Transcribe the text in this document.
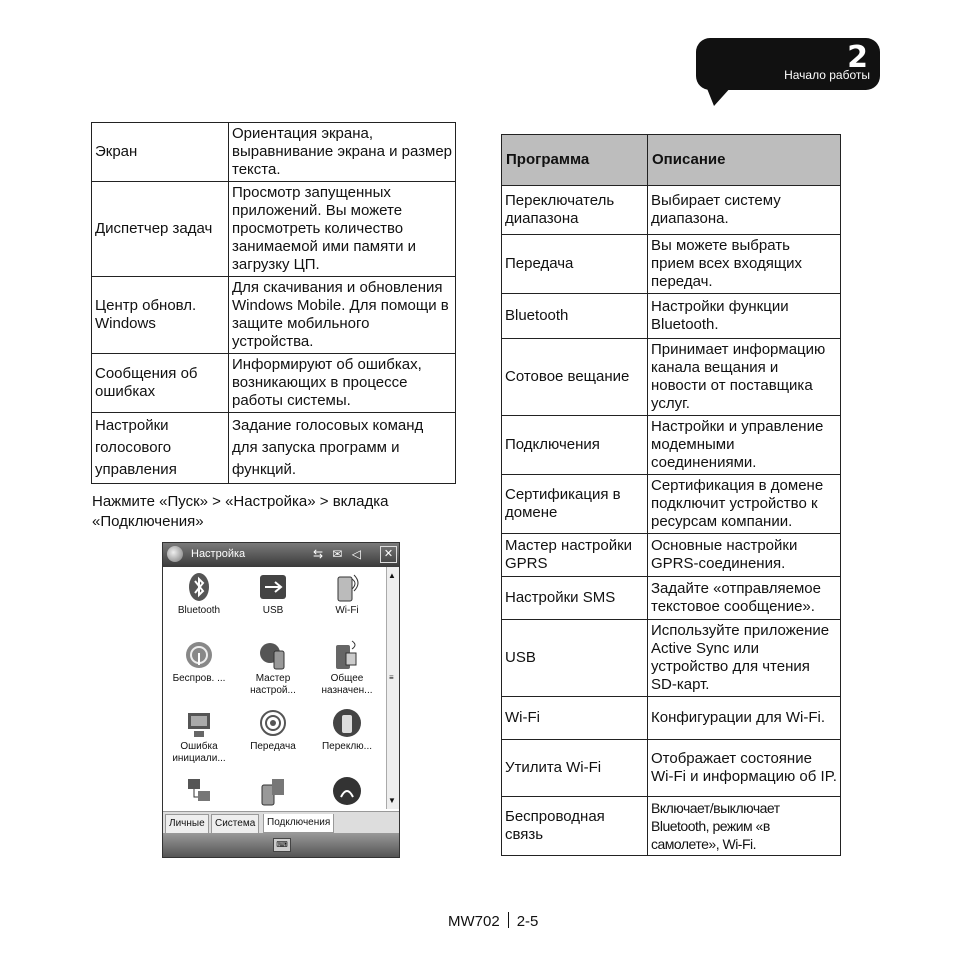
2
Начало работы
Экран	Ориентация экрана, выравнивание экрана и размер текста.
Диспетчер задач	Просмотр запущенных приложений. Вы можете просмотреть количество занимаемой ими памяти и загрузку ЦП.
Центр обновл. Windows	Для скачивания и обновления Windows Mobile. Для помощи в защите мобильного устройства.
Сообщения об ошибках	Информируют об ошибках, возникающих в процессе работы системы.
Настройки голосового управления	Задание голосовых команд для запуска программ и функций.
Нажмите «Пуск» > «Настройка» > вкладка «Подключения»
Настройка	⇆ ✉ ◁	✕
Bluetooth	USB	Wi-Fi
Беспров. ...	Мастер настрой...
Общее назначен...
Ошибка инициали...
Передача	Переклю...
▲
≡
▼
Личные	Система	Подключения
⌨
Программа	Описание
Переключатель диапазона	Выбирает систему диапазона.
Передача	Вы можете выбрать прием всех входящих передач.
Bluetooth	Настройки функции Bluetooth.
Сотовое вещание	Принимает информацию канала вещания и новости от поставщика услуг.
Подключения	Настройки и управление модемными соединениями.
Сертификация в домене	Сертификация в домене подключит устройство к ресурсам компании.
Мастер настройки GPRS	Основные настройки GPRS-соединения.
Настройки SMS	Задайте «отправляемое текстовое сообщение».
USB	Используйте приложение Active Sync или устройство для чтения SD-карт.
Wi-Fi	Конфигурации для Wi-Fi.
Утилита Wi-Fi	Отображает состояние Wi-Fi и информацию об IP.
Беспроводная связь	Включает/выключает Bluetooth, режим «в самолете», Wi-Fi.
MW702 2-5
